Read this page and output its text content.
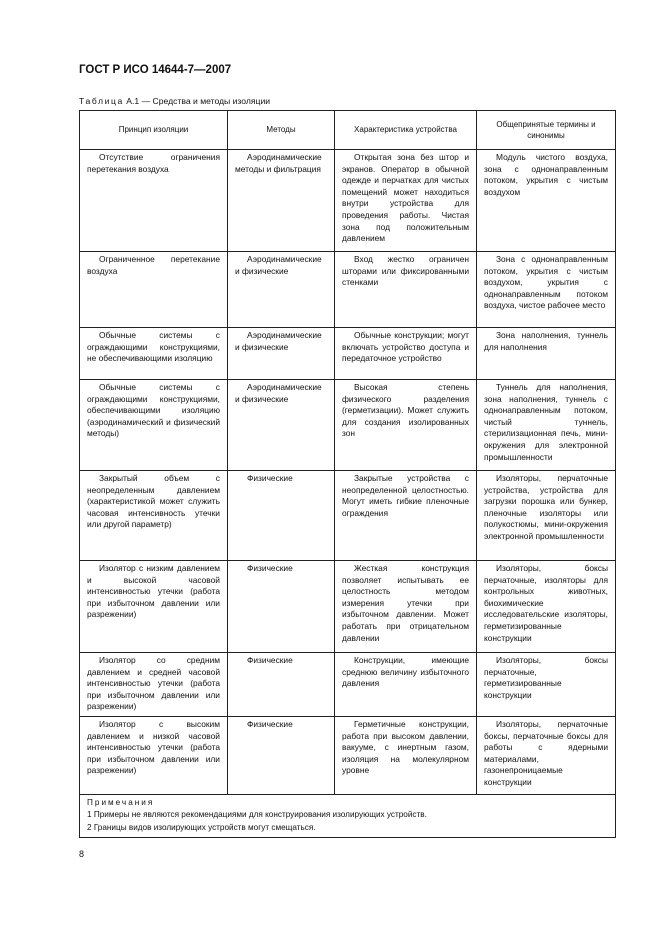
ГОСТ Р ИСО 14644-7—2007
Таблица А.1 — Средства и методы изоляции
Принцип изоляции	Методы	Характеристика устройства	Общепринятые термины и синонимы

Отсутствие ограничения перетекания воздуха	Аэродинамические методы и фильтрация	Открытая зона без штор и экранов. Оператор в обычной одежде и перчатках для чистых помещений может находиться внутри устройства для проведения работы. Чистая зона под положительным давлением	Модуль чистого воздуха, зона с однонаправленным потоком, укрытия с чистым воздухом

Ограниченное перетекание воздуха	Аэродинамические и физические	Вход жестко ограничен шторами или фиксированными стенками	Зона с однонаправленным потоком, укрытия с чистым воздухом, укрытия с однонаправленным потоком воздуха, чистое рабочее место

Обычные системы с ограждающими конструкциями, не обеспечивающими изоляцию	Аэродинамические и физические	Обычные конструкции; могут включать устройство доступа и передаточное устройство	Зона наполнения, туннель для наполнения

Обычные системы с ограждающими конструкциями, обеспечивающими изоляцию (аэродинамический и физический методы)	Аэродинамические и физические	Высокая степень физического разделения (герметизации). Может служить для создания изолированных зон	Туннель для наполнения, зона наполнения, туннель с однонаправленным потоком, чистый туннель, стерилизационная печь, мини-окружения для электронной промышленности

Закрытый объем с неопределенным давлением (характеристикой может служить часовая интенсивность утечки или другой параметр)	Физические	Закрытые устройства с неопределенной целостностью. Могут иметь гибкие пленочные ограждения	Изоляторы, перчаточные устройства, устройства для загрузки порошка или бункер, пленочные изоляторы или полукостюмы, мини-окружения электронной промышленности

Изолятор с низким давлением и высокой часовой интенсивностью утечки (работа при избыточном давлении или разрежении)	Физические	Жесткая конструкция позволяет испытывать ее целостность методом измерения утечки при избыточном давлении. Может работать при отрицательном давлении	Изоляторы, боксы перчаточные, изоляторы для контрольных животных, биохимические исследовательские изоляторы, герметизированные конструкции

Изолятор со средним давлением и средней часовой интенсивностью утечки (работа при избыточном давлении или разрежении)	Физические	Конструкции, имеющие среднюю величину избыточного давления	Изоляторы, боксы перчаточные, герметизированные конструкции

Изолятор с высоким давлением и низкой часовой интенсивностью утечки (работа при избыточном давлении или разрежении)	Физические	Герметичные конструкции, работа при высоком давлении, вакууме, с инертным газом, изоляция на молекулярном уровне	Изоляторы, перчаточные боксы, перчаточные боксы для работы с ядерными материалами, газонепроницаемые конструкции

Примечания
1 Примеры не являются рекомендациями для конструирования изолирующих устройств.
2 Границы видов изолирующих устройств могут смещаться.			
8
